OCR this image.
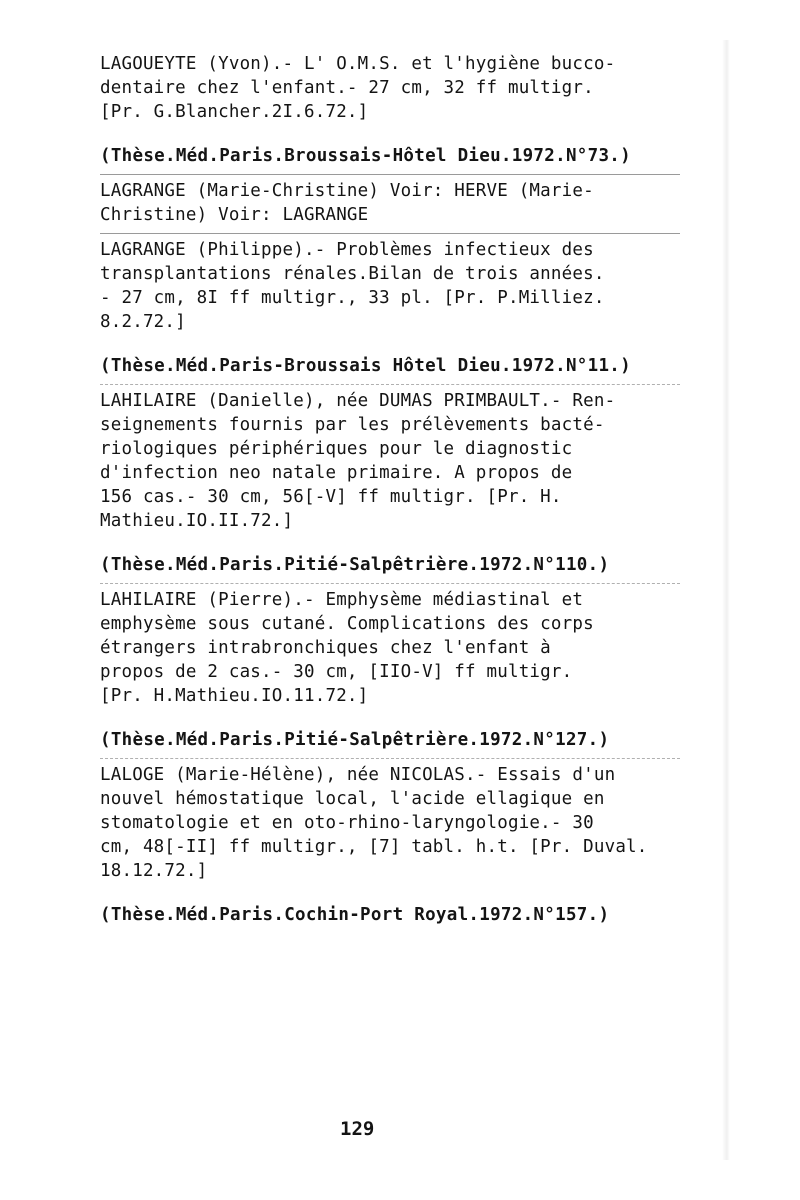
LAGOUEYTE (Yvon).- L' O.M.S. et l'hygiène bucco-

dentaire chez l'enfant.- 27 cm, 32 ff multigr.

[Pr. G.Blancher.2I.6.72.]

(Thèse.Méd.Paris.Broussais-Hôtel Dieu.1972.N°73.)

LAGRANGE (Marie-Christine) Voir: HERVE (Marie-

Christine) Voir: LAGRANGE

LAGRANGE (Philippe).- Problèmes infectieux des

transplantations rénales.Bilan de trois années.

- 27 cm, 8I ff multigr., 33 pl. [Pr. P.Milliez.

8.2.72.]

(Thèse.Méd.Paris-Broussais Hôtel Dieu.1972.N°11.)

LAHILAIRE (Danielle), née DUMAS PRIMBAULT.- Ren-

seignements fournis par les prélèvements bacté-

riologiques périphériques pour le diagnostic

d'infection neo natale primaire. A propos de

156 cas.- 30 cm, 56[-V] ff multigr. [Pr. H.

Mathieu.IO.II.72.]

(Thèse.Méd.Paris.Pitié-Salpêtrière.1972.N°110.)

LAHILAIRE (Pierre).- Emphysème médiastinal et

emphysème sous cutané. Complications des corps

étrangers intrabronchiques chez l'enfant à

propos de 2 cas.- 30 cm, [IIO-V] ff multigr.

[Pr. H.Mathieu.IO.11.72.]

(Thèse.Méd.Paris.Pitié-Salpêtrière.1972.N°127.)

LALOGE (Marie-Hélène), née NICOLAS.- Essais d'un

nouvel hémostatique local, l'acide ellagique en

stomatologie et en oto-rhino-laryngologie.- 30

cm, 48[-II] ff multigr., [7] tabl. h.t. [Pr. Duval.

18.12.72.]

(Thèse.Méd.Paris.Cochin-Port Royal.1972.N°157.)

129
